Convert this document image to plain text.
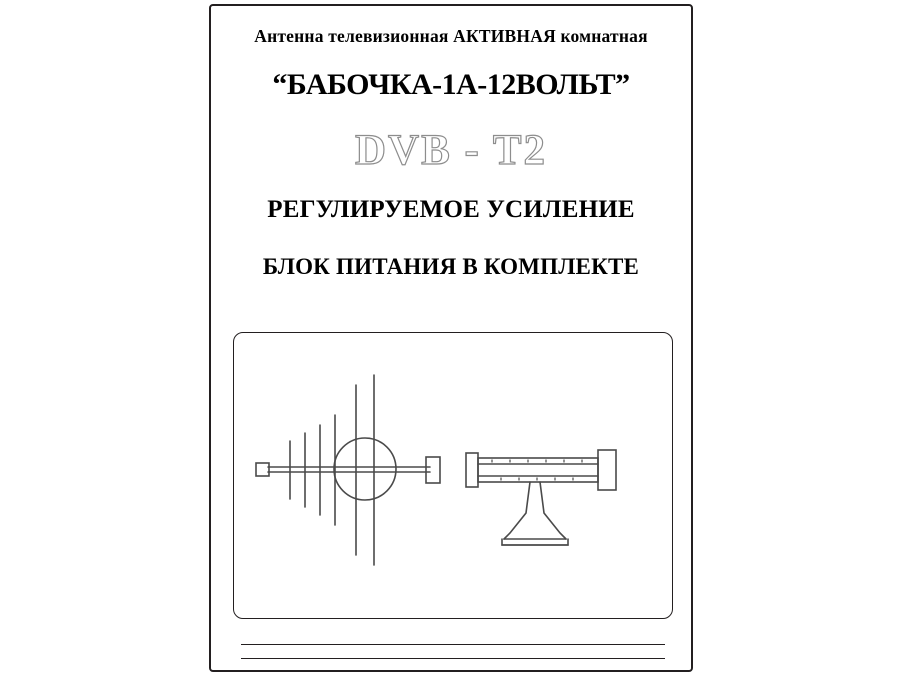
Антенна телевизионная АКТИВНАЯ комнатная
“БАБОЧКА-1А-12ВОЛЬТ”
DVB - T2
РЕГУЛИРУЕМОЕ УСИЛЕНИЕ
БЛОК ПИТАНИЯ В КОМПЛЕКТЕ
